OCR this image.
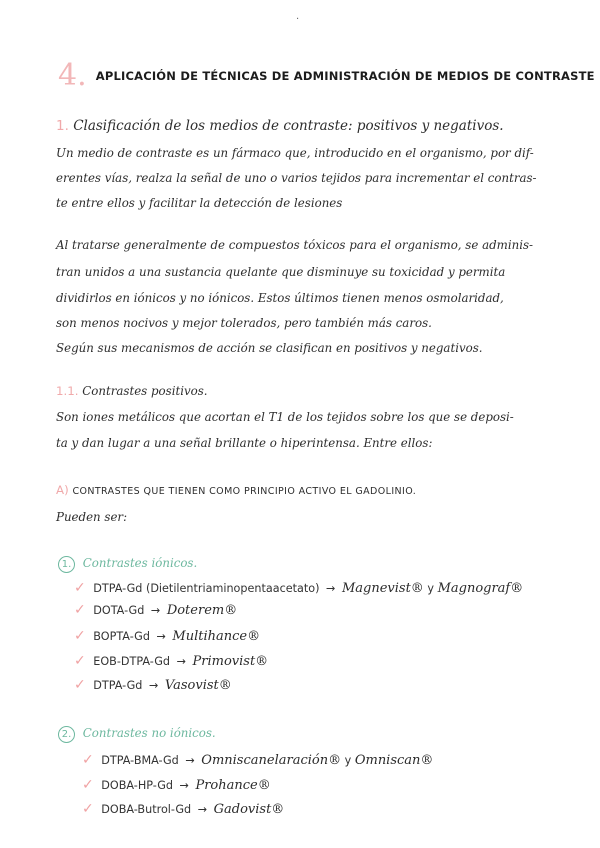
·
4. APLICACIÓN DE TÉCNICAS DE ADMINISTRACIÓN DE MEDIOS DE CONTRASTE
1. Clasificación de los medios de contraste: positivos y negativos.
Un medio de contraste es un fármaco que, introducido en el organismo, por dif-
erentes vías, realza la señal de uno o varios tejidos para incrementar el contras-
te entre ellos y facilitar la detección de lesiones
Al tratarse generalmente de compuestos tóxicos para el organismo, se adminis-
tran unidos a una sustancia quelante que disminuye su toxicidad y permita
dividirlos en iónicos y no iónicos. Estos últimos tienen menos osmolaridad,
son menos nocivos y mejor tolerados, pero también más caros.
Según sus mecanismos de acción se clasifican en positivos y negativos.
1.1. Contrastes positivos.
Son iones metálicos que acortan el T1 de los tejidos sobre los que se deposi-
ta y dan lugar a una señal brillante o hiperintensa. Entre ellos:
A) CONTRASTES QUE TIENEN COMO PRINCIPIO ACTIVO EL GADOLINIO.
Pueden ser:
1. Contrastes iónicos.
✓ DTPA-Gd (Dietilentriaminopentaacetato) → Magnevist® y Magnograf®
✓ DOTA-Gd → Doterem®
✓ BOPTA-Gd → Multihance®
✓ EOB-DTPA-Gd → Primovist®
✓ DTPA-Gd → Vasovist®
2. Contrastes no iónicos.
✓ DTPA-BMA-Gd → Omniscanelaración® y Omniscan®
✓ DOBA-HP-Gd → Prohance®
✓ DOBA-Butrol-Gd → Gadovist®
